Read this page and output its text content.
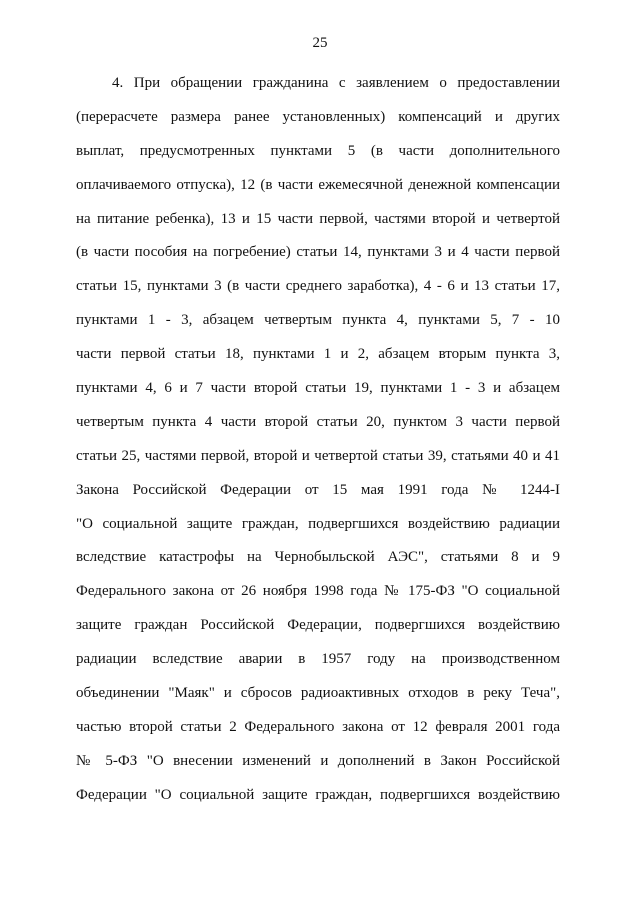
25
4. При обращении гражданина с заявлением о предоставлении
(перерасчете размера ранее установленных) компенсаций и других
выплат, предусмотренных пунктами 5 (в части дополнительного
оплачиваемого отпуска), 12 (в части ежемесячной денежной компенсации
на питание ребенка), 13 и 15 части первой, частями второй и четвертой
(в части пособия на погребение) статьи 14, пунктами 3 и 4 части первой
статьи 15, пунктами 3 (в части среднего заработка), 4 - 6 и 13 статьи 17,
пунктами 1 - 3, абзацем четвертым пункта 4, пунктами 5, 7 - 10
части первой статьи 18, пунктами 1 и 2, абзацем вторым пункта 3,
пунктами 4, 6 и 7 части второй статьи 19, пунктами 1 - 3 и абзацем
четвертым пункта 4 части второй статьи 20, пунктом 3 части первой
статьи 25, частями первой, второй и четвертой статьи 39, статьями 40 и 41
Закона Российской Федерации от 15 мая 1991 года № 1244-I
"О социальной защите граждан, подвергшихся воздействию радиации
вследствие катастрофы на Чернобыльской АЭС", статьями 8 и 9
Федерального закона от 26 ноября 1998 года № 175-ФЗ "О социальной
защите граждан Российской Федерации, подвергшихся воздействию
радиации вследствие аварии в 1957 году на производственном
объединении "Маяк" и сбросов радиоактивных отходов в реку Теча",
частью второй статьи 2 Федерального закона от 12 февраля 2001 года
№ 5-ФЗ "О внесении изменений и дополнений в Закон Российской
Федерации "О социальной защите граждан, подвергшихся воздействию
